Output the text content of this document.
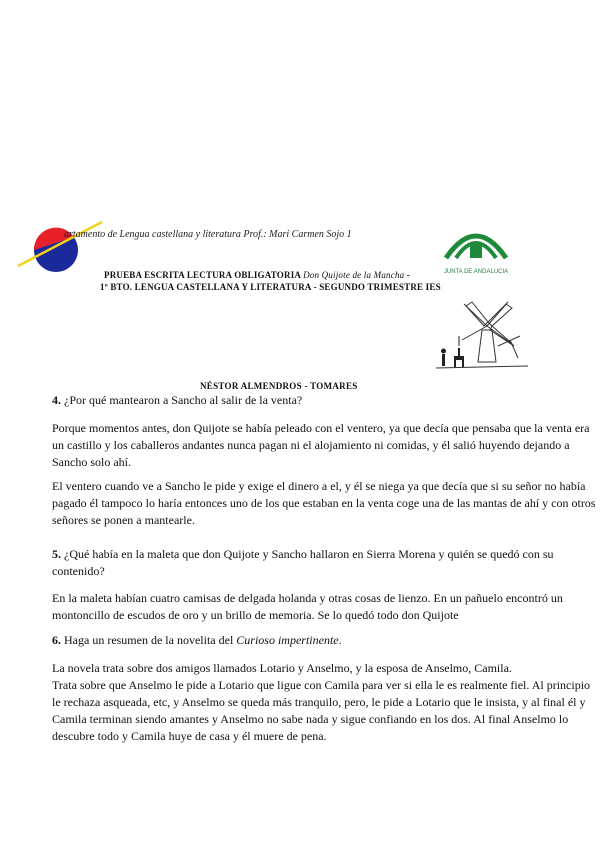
artamento de Lengua castellana y literatura Prof.: Mari Carmen Sojo 1
JUNTA DE ANDALUCIA
PRUEBA ESCRITA LECTURA OBLIGATORIA Don Quijote de la Mancha -
1º BTO. LENGUA CASTELLANA Y LITERATURA - SEGUNDO TRIMESTRE IES
NÉSTOR ALMENDROS - TOMARES
4. ¿Por qué mantearon a Sancho al salir de la venta?
Porque momentos antes, don Quijote se había peleado con el ventero, ya que decía que pensaba que la venta era un castillo y los caballeros andantes nunca pagan ni el alojamiento ni comidas, y él salió huyendo dejando a Sancho solo ahí.
El ventero cuando ve a Sancho le pide y exige el dinero a el, y él se niega ya que decía que si su señor no había pagado él tampoco lo haría entonces uno de los que estaban en la venta coge una de las mantas de ahí y con otros señores se ponen a mantearle.
5. ¿Qué había en la maleta que don Quijote y Sancho hallaron en Sierra Morena y quién se quedó con su contenido?
En la maleta habían cuatro camisas de delgada holanda y otras cosas de lienzo. En un pañuelo encontró un montoncillo de escudos de oro y un brillo de memoria. Se lo quedó todo don Quijote
6. Haga un resumen de la novelita del Curioso impertinente.
La novela trata sobre dos amigos llamados Lotario y Anselmo, y la esposa de Anselmo, Camila.
Trata sobre que Anselmo le pide a Lotario que ligue con Camila para ver si ella le es realmente fiel. Al principio le rechaza asqueada, etc, y Anselmo se queda más tranquilo, pero, le pide a Lotario que le insista, y al final él y Camila terminan siendo amantes y Anselmo no sabe nada y sigue confiando en los dos. Al final Anselmo lo descubre todo y Camila huye de casa y él muere de pena.
